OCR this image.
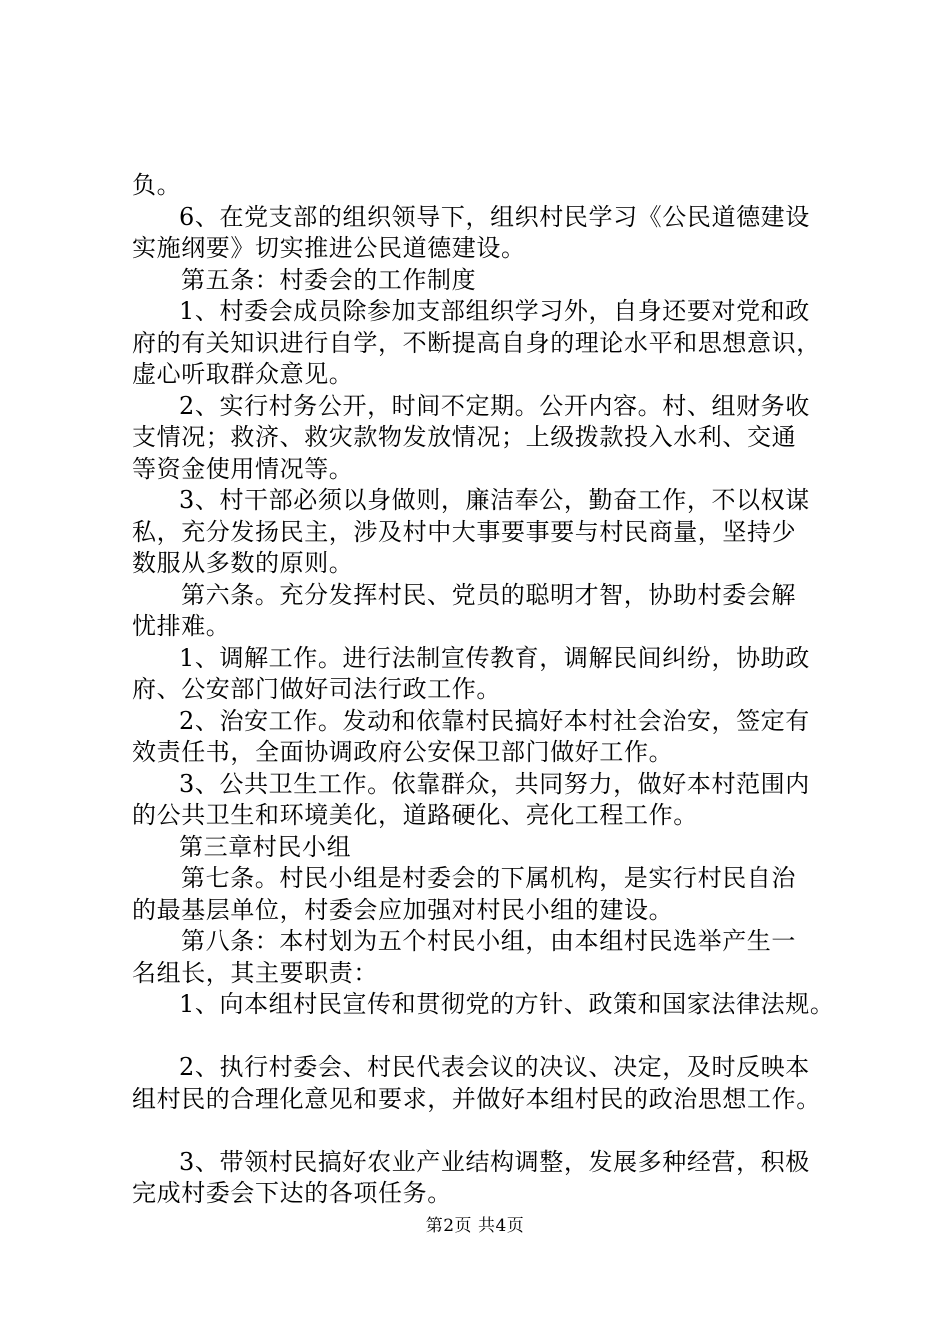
负。
6、在党支部的组织领导下，组织村民学习《公民道德建设
实施纲要》切实推进公民道德建设。
第五条：村委会的工作制度
1、村委会成员除参加支部组织学习外，自身还要对党和政
府的有关知识进行自学，不断提高自身的理论水平和思想意识，
虚心听取群众意见。
2、实行村务公开，时间不定期。公开内容。村、组财务收
支情况；救济、救灾款物发放情况；上级拨款投入水利、交通
等资金使用情况等。
3、村干部必须以身做则，廉洁奉公，勤奋工作，不以权谋
私，充分发扬民主，涉及村中大事要事要与村民商量，坚持少
数服从多数的原则。
第六条。充分发挥村民、党员的聪明才智，协助村委会解
忧排难。
1、调解工作。进行法制宣传教育，调解民间纠纷，协助政
府、公安部门做好司法行政工作。
2、治安工作。发动和依靠村民搞好本村社会治安，签定有
效责任书，全面协调政府公安保卫部门做好工作。
3、公共卫生工作。依靠群众，共同努力，做好本村范围内
的公共卫生和环境美化，道路硬化、亮化工程工作。
第三章村民小组
第七条。村民小组是村委会的下属机构，是实行村民自治
的最基层单位，村委会应加强对村民小组的建设。
第八条：本村划为五个村民小组，由本组村民选举产生一
名组长，其主要职责：
1、向本组村民宣传和贯彻党的方针、政策和国家法律法规。
2、执行村委会、村民代表会议的决议、决定，及时反映本
组村民的合理化意见和要求，并做好本组村民的政治思想工作。
3、带领村民搞好农业产业结构调整，发展多种经营，积极
完成村委会下达的各项任务。
第2页 共4页
